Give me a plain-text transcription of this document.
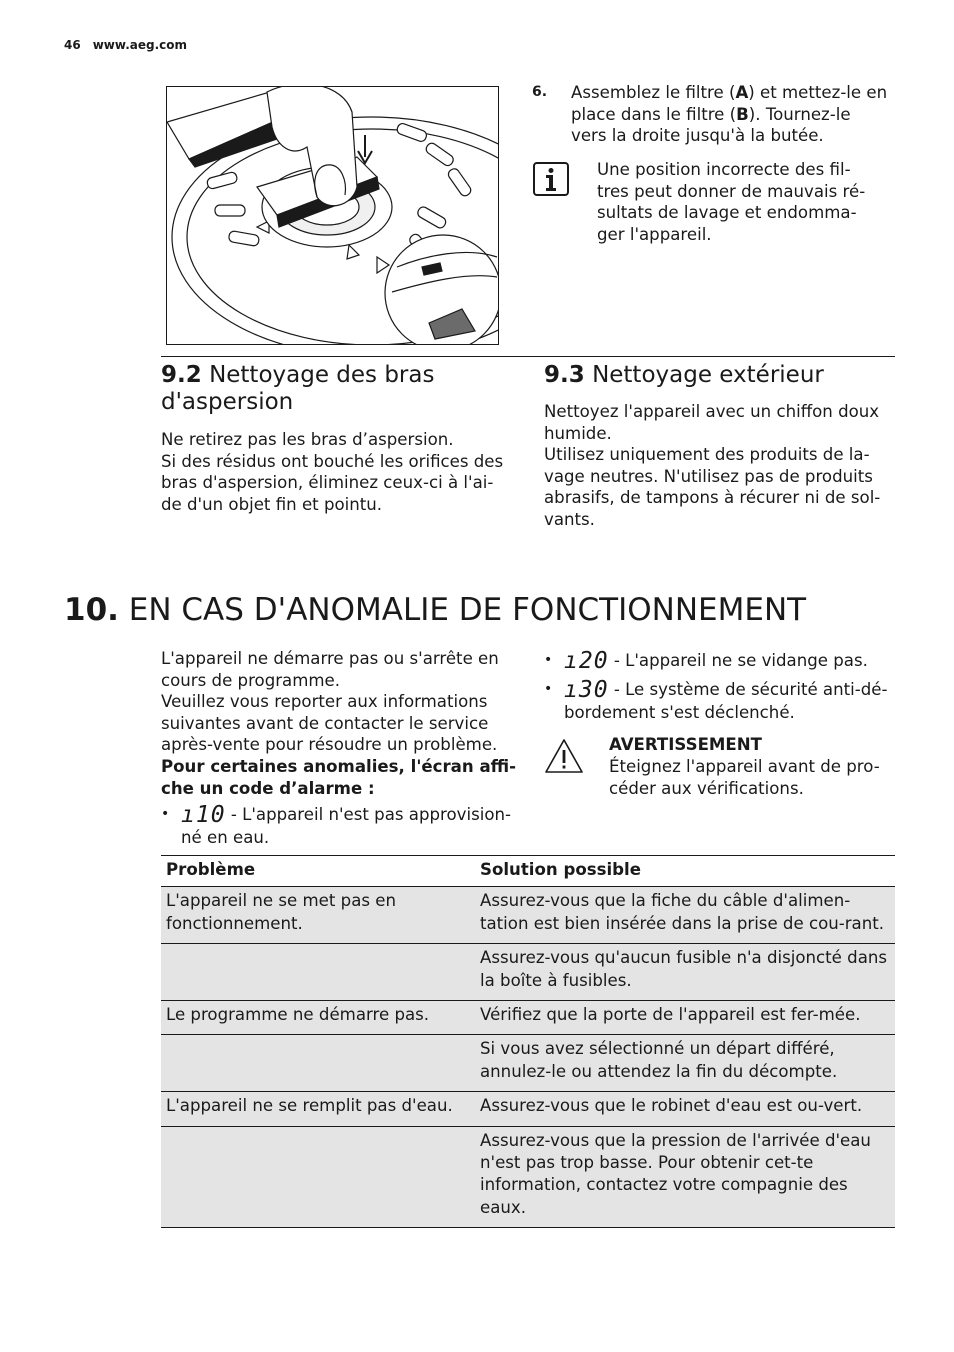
46 www.aeg.com
6. Assemblez le filtre (A) et mettez-le en place dans le filtre (B). Tournez-le vers la droite jusqu'à la butée.

Une position incorrecte des fil-
tres peut donner de mauvais ré-
sultats de lavage et endomma-
ger l'appareil.

9.2 Nettoyage des bras d'aspersion

Ne retirez pas les bras d’aspersion.
Si des résidus ont bouché les orifices des
bras d'aspersion, éliminez ceux-ci à l'ai-
de d'un objet fin et pointu.

9.3 Nettoyage extérieur

Nettoyez l'appareil avec un chiffon doux
humide.
Utilisez uniquement des produits de la-
vage neutres. N'utilisez pas de produits
abrasifs, de tampons à récurer ni de sol-
vants.

10. EN CAS D'ANOMALIE DE FONCTIONNEMENT

L'appareil ne démarre pas ou s'arrête en
cours de programme.
Veuillez vous reporter aux informations
suivantes avant de contacter le service
après-vente pour résoudre un problème.
Pour certaines anomalies, l'écran affi-
che un code d’alarme :

• ı10 - L'appareil n'est pas approvision-
né en eau.

• ı20 - L'appareil ne se vidange pas.

• ı30 - Le système de sécurité anti-dé-
bordement s'est déclenché.

AVERTISSEMENT

Éteignez l'appareil avant de pro-
céder aux vérifications.

Problème	Solution possible
L'appareil ne se met pas en fonctionnement.	Assurez-vous que la fiche du câble d'alimen-tation est bien insérée dans la prise de cou-rant.
	Assurez-vous qu'aucun fusible n'a disjoncté dans la boîte à fusibles.
Le programme ne démarre pas.	Vérifiez que la porte de l'appareil est fer-mée.
	Si vous avez sélectionné un départ différé, annulez-le ou attendez la fin du décompte.
L'appareil ne se remplit pas d'eau.	Assurez-vous que le robinet d'eau est ou-vert.
	Assurez-vous que la pression de l'arrivée d'eau n'est pas trop basse. Pour obtenir cet-te information, contactez votre compagnie des eaux.
